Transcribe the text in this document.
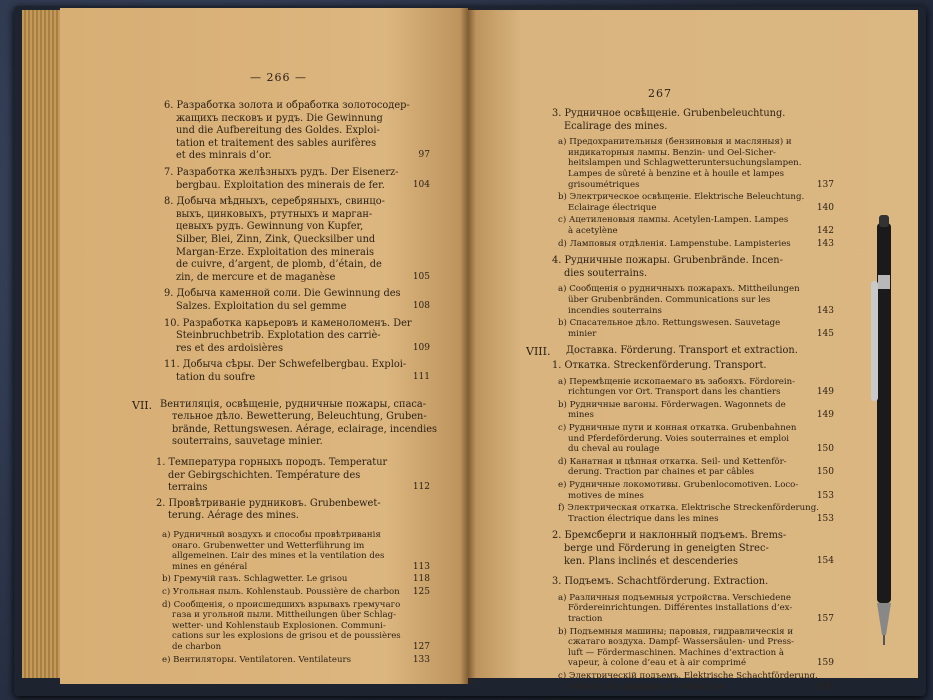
— 266 —
6. Разработка золота и обработка золотосодер-
жащихъ песковъ и рудъ. Die Gewinnung
und die Aufbereitung des Goldes. Exploi-
tation et traitement des sables aurifères
et des minrais d’or.	97
7. Разработка желѣзныхъ рудъ. Der Eisenerz-
bergbau. Exploitation des minerais de fer.	104
8. Добыча мѣдныхъ, серебряныхъ, свинцо-
выхъ, цинковыхъ, ртутныхъ и марган-
цевыхъ рудъ. Gewinnung von Kupfer,
Silber, Blei, Zinn, Zink, Quecksilber und
Margan-Erze. Exploitation des minerais
de cuivre, d’argent, de plomb, d’étain, de
zin, de mercure et de maganèse	105
9. Добыча каменной соли. Die Gewinnung des
Salzes. Exploitation du sel gemme	108
10. Разработка карьеровъ и каменоломенъ. Der
Steinbruchbetrib. Explotation des carriè-
res et des ardoisières	109
11. Добыча сѣры. Der Schwefelbergbau. Exploi-
tation du soufre	111
VII. Вентиляція, освѣщеніе, рудничные пожары, спаса-
тельное дѣло. Bewetterung, Beleuchtung, Gruben-
brände, Rettungswesen. Aérage, eclairage, incendies
souterrains, sauvetage minier.
1. Температура горныхъ породъ. Temperatur
der Gebirgschichten. Température des
terrains	112
2. Провѣтриваніе рудниковъ. Grubenbewet-
terung. Aérage des mines.
a) Рудничный воздухъ и способы провѣтриванія
онаго. Grubenwetter und Wetterführung im
allgemeinen. L’air des mines et la ventilation des
mines en général	113
b) Гремучій газъ. Schlagwetter. Le grisou	118
c) Угольная пыль. Kohlenstaub. Poussière de charbon	125
d) Сообщенія, о происшедшихъ взрывахъ гремучаго
газа и угольной пыли. Mittheilungen über Schlag-
wetter- und Kohlenstaub Explosionen. Communi-
cations sur les explosions de grisou et de poussières
de charbon	127
e) Вентиляторы. Ventilatoren. Ventilateurs	133
267
3. Рудничное освѣщеніе. Grubenbeleuchtung.
Ecalirage des mines.
a) Предохранительныя (бензиновыя и масляныя) и
индикаторныя лампы. Benzin- und Oel-Sicher-
heitslampen und Schlagwetteruntersuchungslampen.
Lampes de sûreté à benzine et à houile et lampes
grisoumétriques	137
b) Электрическое освѣщеніе. Elektrische Beleuchtung.
Eclairage électrique	140
c) Ацетиленовыя лампы. Acetylen-Lampen. Lampes
à acetylène	142
d) Ламповыя отдѣленія. Lampenstube. Lampisteries	143
4. Рудничные пожары. Grubenbrände. Incen-
dies souterrains.
a) Сообщенія о рудничныхъ пожарахъ. Mittheilungen
über Grubenbränden. Communications sur les
incendies souterrains	143
b) Спасательное дѣло. Rettungswesen. Sauvetage
minier	145
VIII. Доставка. Förderung. Transport et extraction.
1. Откатка. Streckenförderung. Transport.
a) Перемѣщеніе ископаемаго въ забояхъ. Fördorein-
richtungen vor Ort. Transport dans les chantiers	149
b) Рудничные вагоны. Förderwagen. Wagonnets de
mines	149
c) Рудничные пути и конная откатка. Grubenbahnen
und Pferdeförderung. Voies souterraines et emploi
du cheval au roulage	150
d) Канатная и цѣпная откатка. Seil- und Kettenför-
derung. Traction par chaines et par câbles	150
e) Рудничные локомотивы. Grubenlocomotiven. Loco-
motives de mines	153
f) Электрическая откатка. Elektrische Streckenförderung.
Traction électrique dans les mines	153
2. Бремсберги и наклонный подъемъ. Brems-
berge und Förderung in geneigten Strec-
ken. Plans inclinés et descenderies	154
3. Подъемъ. Schachtförderung. Extraction.
a) Различныя подъемныя устройства. Verschiedene
Fördereinrichtungen. Différentes installations d’ex-
traction	157
b) Подъемныя машины; паровыя, гидравлическія и
сжатаго воздуха. Dampf- Wassersäulen- und Press-
luft — Fördermaschinen. Machines d’extraction à
vapeur, à colone d’eau et à air comprimé	159
c) Электрическій подъемъ. Elektrische Schachtförderung.
L’électricité appliquée à l’extraction	161
